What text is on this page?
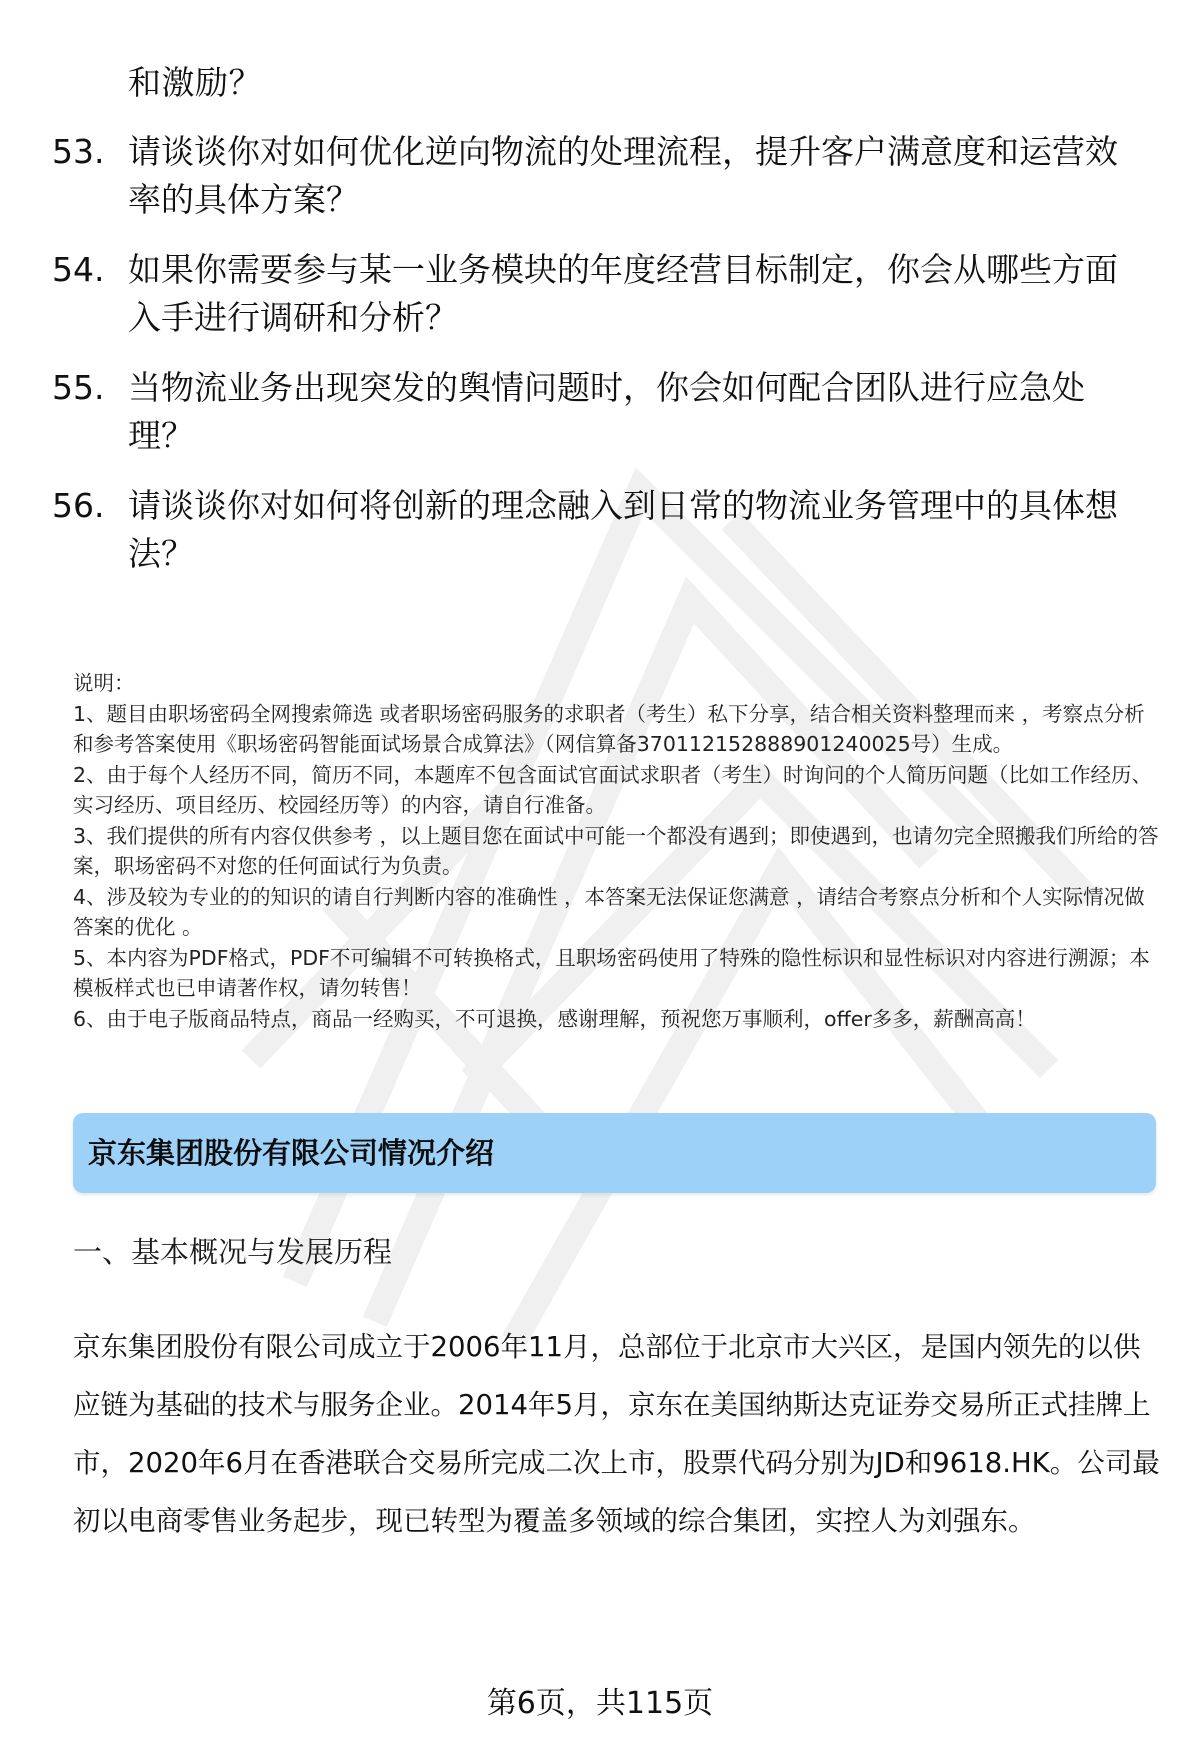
和激励？
53. 请谈谈你对如何优化逆向物流的处理流程，提升客户满意度和运营效率的具体方案？
54. 如果你需要参与某一业务模块的年度经营目标制定，你会从哪些方面入手进行调研和分析？
55. 当物流业务出现突发的舆情问题时，你会如何配合团队进行应急处理？
56. 请谈谈你对如何将创新的理念融入到日常的物流业务管理中的具体想法？

说明：

1、题目由职场密码全网搜索筛选 或者职场密码服务的求职者（考生）私下分享，结合相关资料整理而来 ，考察点分析和参考答案使用《职场密码智能面试场景合成算法》（网信算备370112152888901240025号）生成。

2、由于每个人经历不同，简历不同，本题库不包含面试官面试求职者（考生）时询问的个人简历问题（比如工作经历、实习经历、项目经历、校园经历等）的内容，请自行准备。

3、我们提供的所有内容仅供参考 ，以上题目您在面试中可能一个都没有遇到；即使遇到，也请勿完全照搬我们所给的答案，职场密码不对您的任何面试行为负责。

4、涉及较为专业的的知识的请自行判断内容的准确性 ，本答案无法保证您满意 ，请结合考察点分析和个人实际情况做答案的优化 。

5、本内容为PDF格式，PDF不可编辑不可转换格式，且职场密码使用了特殊的隐性标识和显性标识对内容进行溯源；本模板样式也已申请著作权，请勿转售！

6、由于电子版商品特点，商品一经购买，不可退换，感谢理解，预祝您万事顺利，offer多多，薪酬高高！

京东集团股份有限公司情况介绍
一、基本概况与发展历程
京东集团股份有限公司成立于2006年11月，总部位于北京市大兴区，是国内领先的以供应链为基础的技术与服务企业。2014年5月，京东在美国纳斯达克证券交易所正式挂牌上市，2020年6月在香港联合交易所完成二次上市，股票代码分别为JD和9618.HK。公司最初以电商零售业务起步，现已转型为覆盖多领域的综合集团，实控人为刘强东。
第6页，共115页
